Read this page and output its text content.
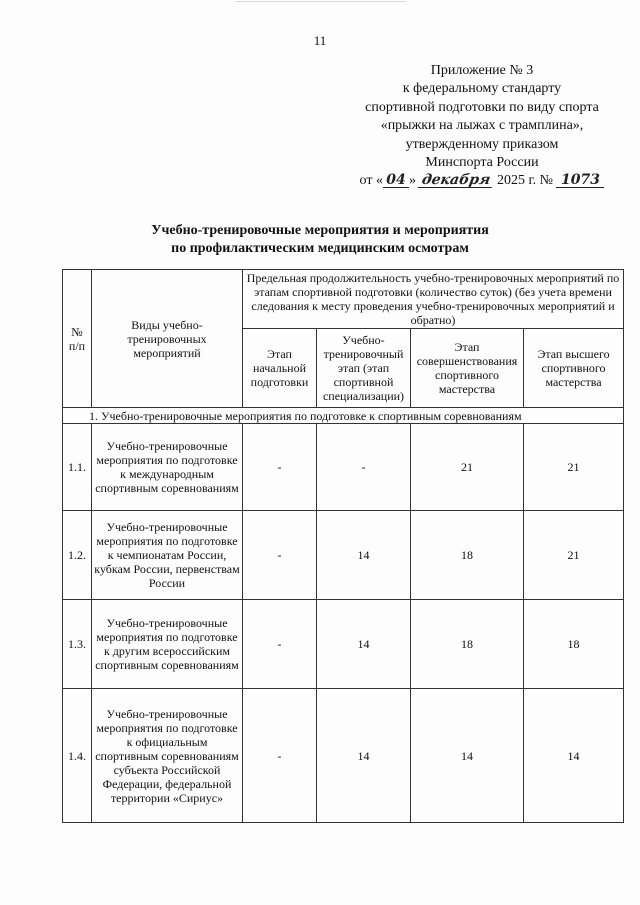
11
Приложение № 3
к федеральному стандарту
спортивной подготовки по виду спорта
«прыжки на лыжах с трамплина»,
утвержденному приказом
Минспорта России
от « 04 » декабря 2025 г. № 1073
Учебно-тренировочные мероприятия и мероприятия
по профилактическим медицинским осмотрам
№ п/п	Виды учебно-тренировочных мероприятий	Предельная продолжительность учебно-тренировочных мероприятий по этапам спортивной подготовки (количество суток) (без учета времени следования к месту проведения учебно-тренировочных мероприятий и обратно)			
		Этап начальной подготовки	Учебно-тренировочный этап (этап спортивной специализации)	Этап совершенствования спортивного мастерства	Этап высшего спортивного мастерства
1. Учебно-тренировочные мероприятия по подготовке к спортивным соревнованиям					
1.1.	Учебно-тренировочные мероприятия по подготовке к международным спортивным соревнованиям	-	-	21	21
1.2.	Учебно-тренировочные мероприятия по подготовке к чемпионатам России, кубкам России, первенствам России	-	14	18	21
1.3.	Учебно-тренировочные мероприятия по подготовке к другим всероссийским спортивным соревнованиям	-	14	18	18
1.4.	Учебно-тренировочные мероприятия по подготовке к официальным спортивным соревнованиям субъекта Российской Федерации, федеральной территории «Сириус»	-	14	14	14
